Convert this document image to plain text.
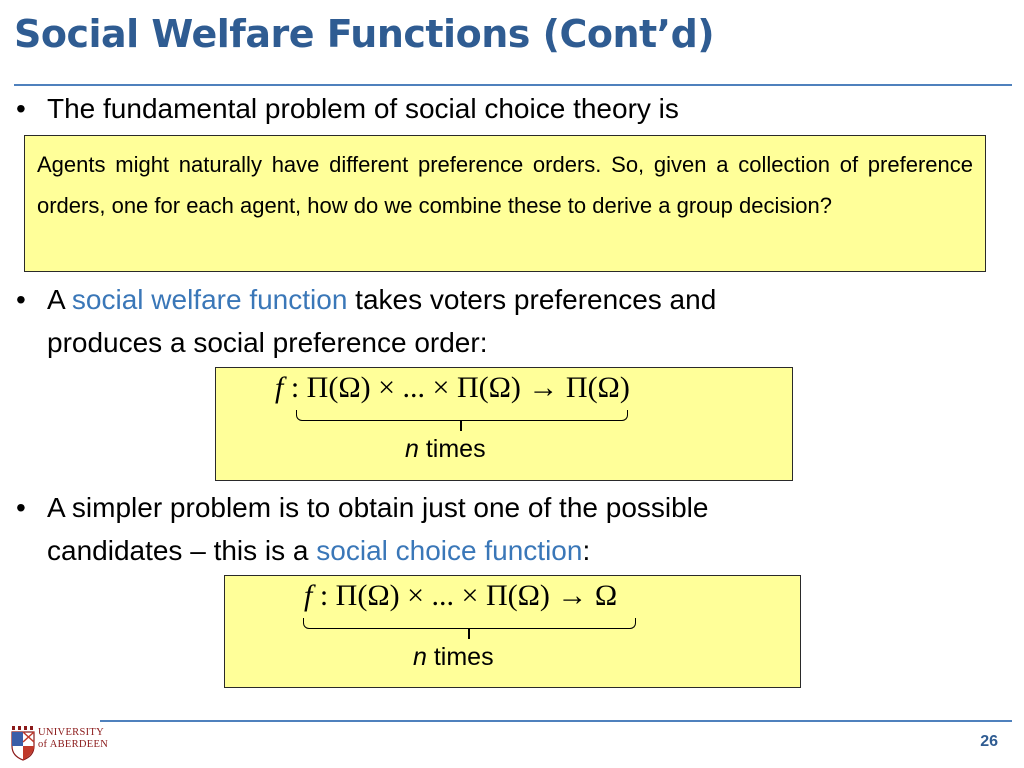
Social Welfare Functions (Cont’d)
• The fundamental problem of social choice theory is
Agents might naturally have different preference orders. So, given a collection of preference orders, one for each agent, how do we combine these to derive a group decision?
• A social welfare function takes voters preferences and
produces a social preference order:
f : Π(Ω) × ... × Π(Ω) → Π(Ω)
n times
• A simpler problem is to obtain just one of the possible
candidates – this is a social choice function:
f : Π(Ω) × ... × Π(Ω) → Ω
n times
UNIVERSITY
of ABERDEEN	26
